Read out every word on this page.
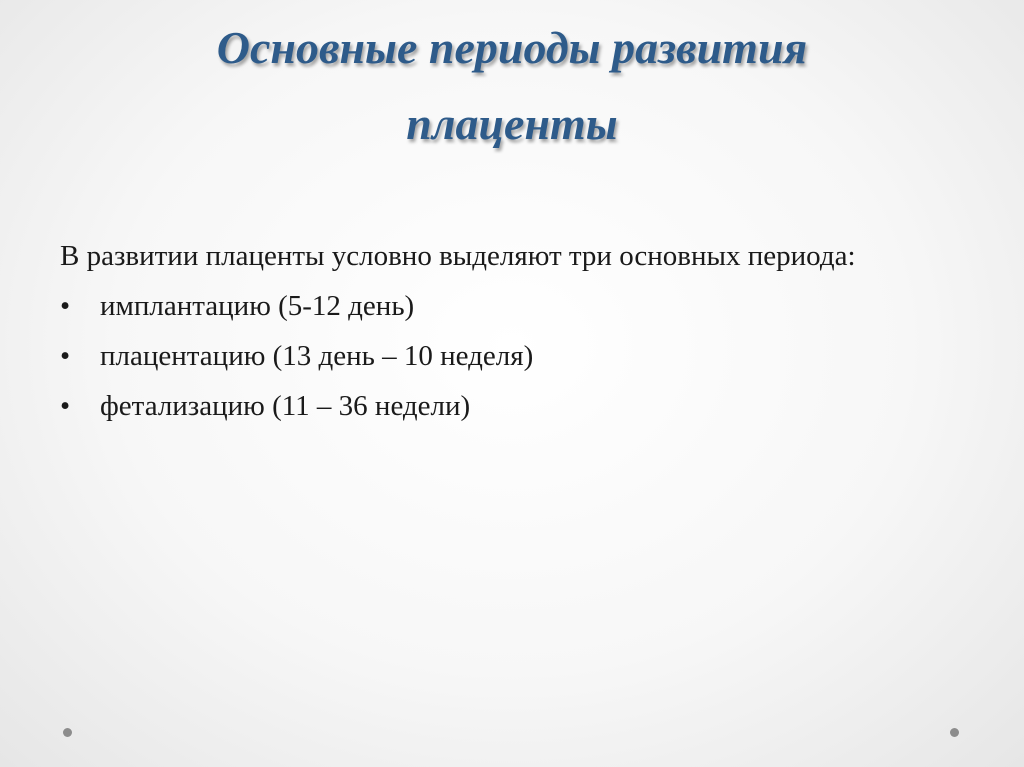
Основные периоды развития
плаценты

В развитии плаценты условно выделяют три основных периода:

•	имплантацию (5-12 день)
•	плацентацию (13 день – 10 неделя)
•	фетализацию (11 – 36 недели)
